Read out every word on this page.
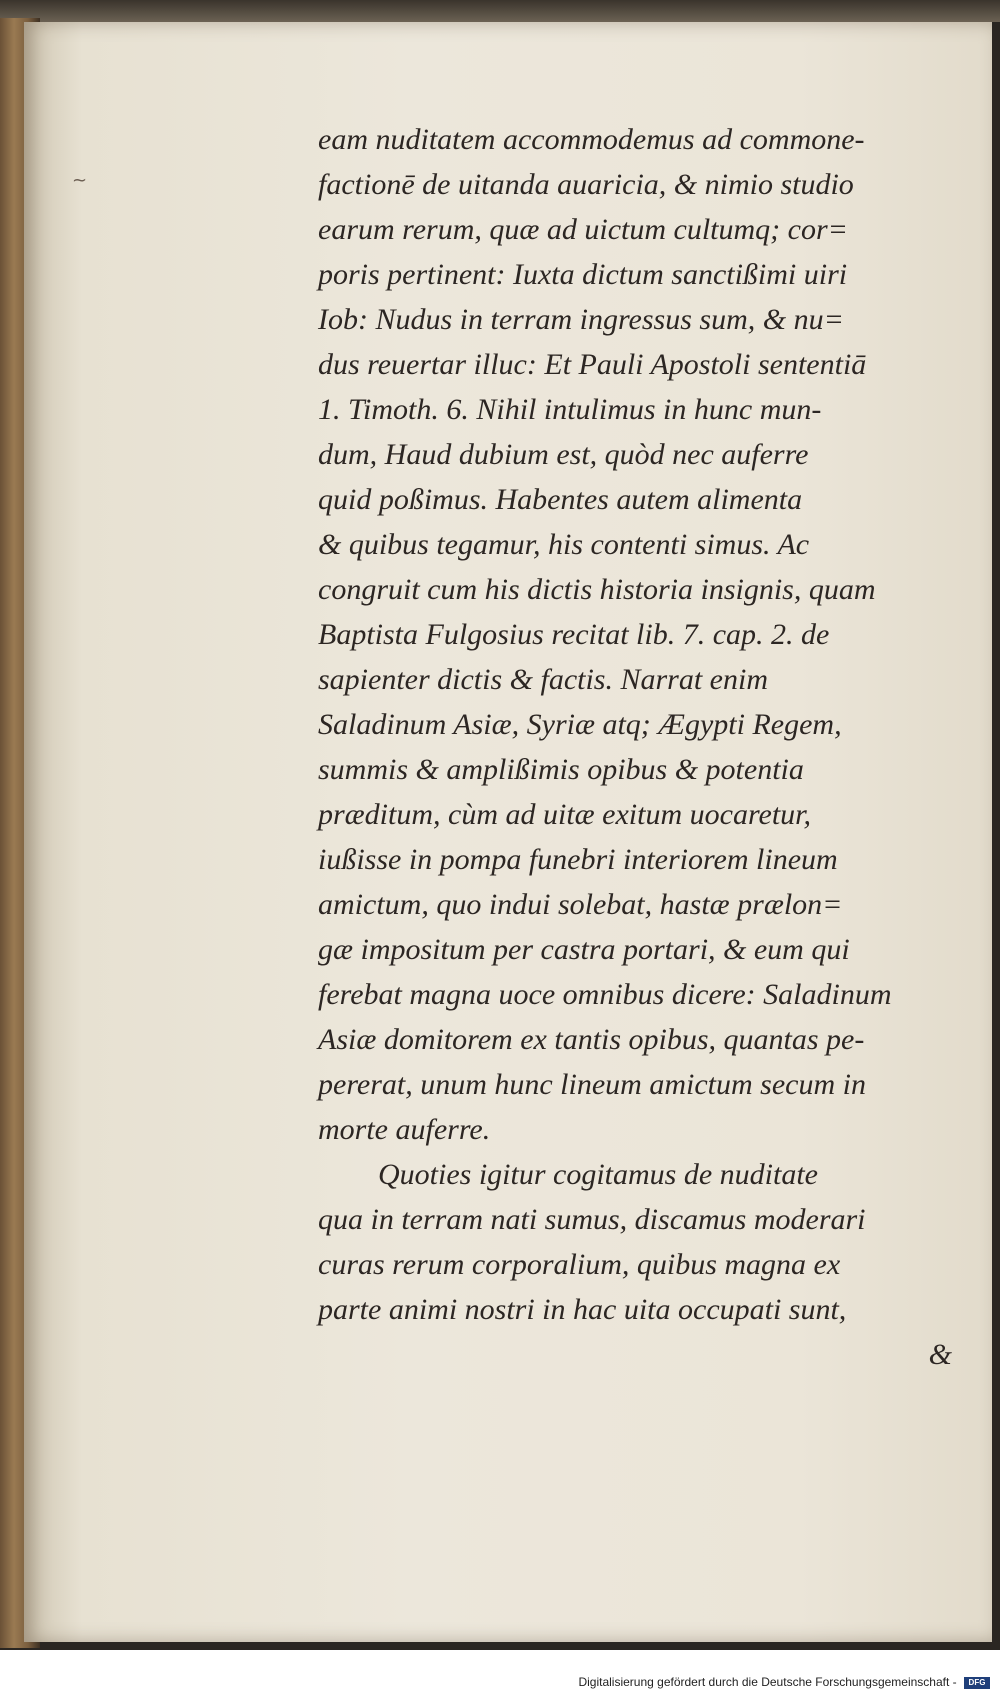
~
eam nuditatem accommodemus ad commone-
factionē de uitanda auaricia, & nimio studio
earum rerum, quæ ad uictum cultumq; cor=
poris pertinent: Iuxta dictum sanctißimi uiri
Iob: Nudus in terram ingressus sum, & nu=
dus reuertar illuc: Et Pauli Apostoli sententiā
1. Timoth. 6. Nihil intulimus in hunc mun-
dum, Haud dubium est, quòd nec auferre
quid poßimus. Habentes autem alimenta
& quibus tegamur, his contenti simus. Ac
congruit cum his dictis historia insignis, quam
Baptista Fulgosius recitat lib. 7. cap. 2. de
sapienter dictis & factis. Narrat enim
Saladinum Asiæ, Syriæ atq; Ægypti Regem,
summis & amplißimis opibus & potentia
præditum, cùm ad uitæ exitum uocaretur,
iußisse in pompa funebri interiorem lineum
amictum, quo indui solebat, hastæ prælon=
gæ impositum per castra portari, & eum qui
ferebat magna uoce omnibus dicere: Saladinum
Asiæ domitorem ex tantis opibus, quantas pe-
pererat, unum hunc lineum amictum secum in
morte auferre.
Quoties igitur cogitamus de nuditate
qua in terram nati sumus, discamus moderari
curas rerum corporalium, quibus magna ex
parte animi nostri in hac uita occupati sunt,
&
Digitalisierung gefördert durch die Deutsche Forschungsgemeinschaft - DFG
